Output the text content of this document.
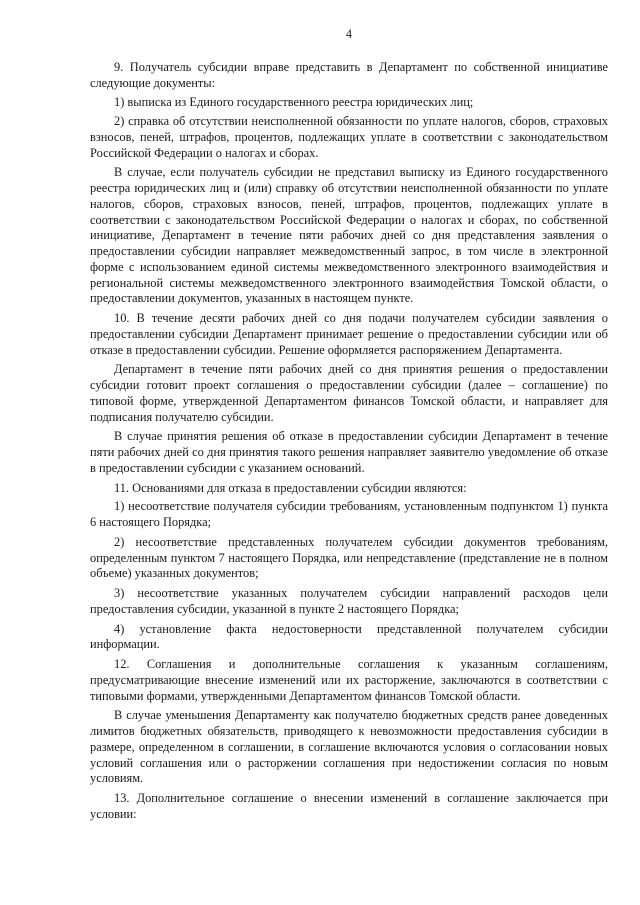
4

9. Получатель субсидии вправе представить в Департамент по собственной инициативе следующие документы:

1) выписка из Единого государственного реестра юридических лиц;

2) справка об отсутствии неисполненной обязанности по уплате налогов, сборов, страховых взносов, пеней, штрафов, процентов, подлежащих уплате в соответствии с законодательством Российской Федерации о налогах и сборах.

В случае, если получатель субсидии не представил выписку из Единого государственного реестра юридических лиц и (или) справку об отсутствии неисполненной обязанности по уплате налогов, сборов, страховых взносов, пеней, штрафов, процентов, подлежащих уплате в соответствии с законодательством Российской Федерации о налогах и сборах, по собственной инициативе, Департамент в течение пяти рабочих дней со дня представления заявления о предоставлении субсидии направляет межведомственный запрос, в том числе в электронной форме с использованием единой системы межведомственного электронного взаимодействия и региональной системы межведомственного электронного взаимодействия Томской области, о предоставлении документов, указанных в настоящем пункте.

10. В течение десяти рабочих дней со дня подачи получателем субсидии заявления о предоставлении субсидии Департамент принимает решение о предоставлении субсидии или об отказе в предоставлении субсидии. Решение оформляется распоряжением Департамента.

Департамент в течение пяти рабочих дней со дня принятия решения о предоставлении субсидии готовит проект соглашения о предоставлении субсидии (далее – соглашение) по типовой форме, утвержденной Департаментом финансов Томской области, и направляет для подписания получателю субсидии.

В случае принятия решения об отказе в предоставлении субсидии Департамент в течение пяти рабочих дней со дня принятия такого решения направляет заявителю уведомление об отказе в предоставлении субсидии с указанием оснований.

11. Основаниями для отказа в предоставлении субсидии являются:

1) несоответствие получателя субсидии требованиям, установленным подпунктом 1) пункта 6 настоящего Порядка;

2) несоответствие представленных получателем субсидии документов требованиям, определенным пунктом 7 настоящего Порядка, или непредставление (представление не в полном объеме) указанных документов;

3) несоответствие указанных получателем субсидии направлений расходов цели предоставления субсидии, указанной в пункте 2 настоящего Порядка;

4) установление факта недостоверности представленной получателем субсидии информации.

12. Соглашения и дополнительные соглашения к указанным соглашениям, предусматривающие внесение изменений или их расторжение, заключаются в соответствии с типовыми формами, утвержденными Департаментом финансов Томской области.

В случае уменьшения Департаменту как получателю бюджетных средств ранее доведенных лимитов бюджетных обязательств, приводящего к невозможности предоставления субсидии в размере, определенном в соглашении, в соглашение включаются условия о согласовании новых условий соглашения или о расторжении соглашения при недостижении согласия по новым условиям.

13. Дополнительное соглашение о внесении изменений в соглашение заключается при условии:
